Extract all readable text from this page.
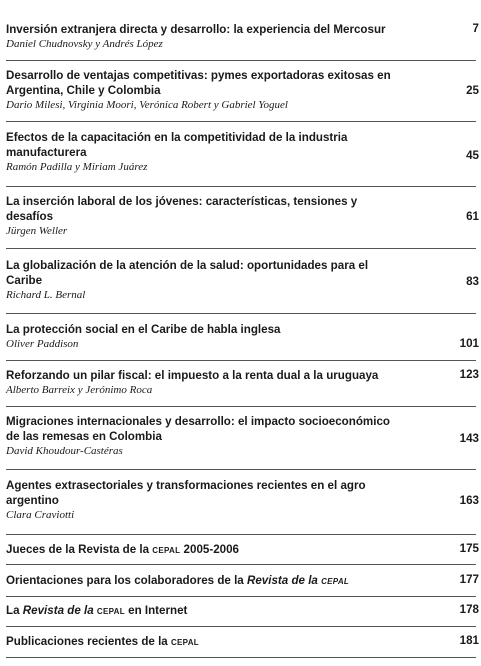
Inversión extranjera directa y desarrollo: la experiencia del Mercosur
Daniel Chudnovsky y Andrés López
7
Desarrollo de ventajas competitivas: pymes exportadoras exitosas en Argentina, Chile y Colombia
Dario Milesi, Virginia Moori, Verónica Robert y Gabriel Yoguel
25
Efectos de la capacitación en la competitividad de la industria manufacturera
Ramón Padilla y Miriam Juárez
45
La inserción laboral de los jóvenes: características, tensiones y desafíos
Jürgen Weller
61
La globalización de la atención de la salud: oportunidades para el Caribe
Richard L. Bernal
83
La protección social en el Caribe de habla inglesa
Oliver Paddison	101
Reforzando un pilar fiscal: el impuesto a la renta dual a la uruguaya
Alberto Barreix y Jerónimo Roca
123
Migraciones internacionales y desarrollo: el impacto socioeconómico de las remesas en Colombia
David Khoudour-Castéras
143
Agentes extrasectoriales y transformaciones recientes en el agro argentino
Clara Craviotti
163
Jueces de la Revista de la cepal 2005-2006	175
Orientaciones para los colaboradores de la Revista de la cepal	177
La Revista de la cepal en Internet	178
Publicaciones recientes de la cepal	181
